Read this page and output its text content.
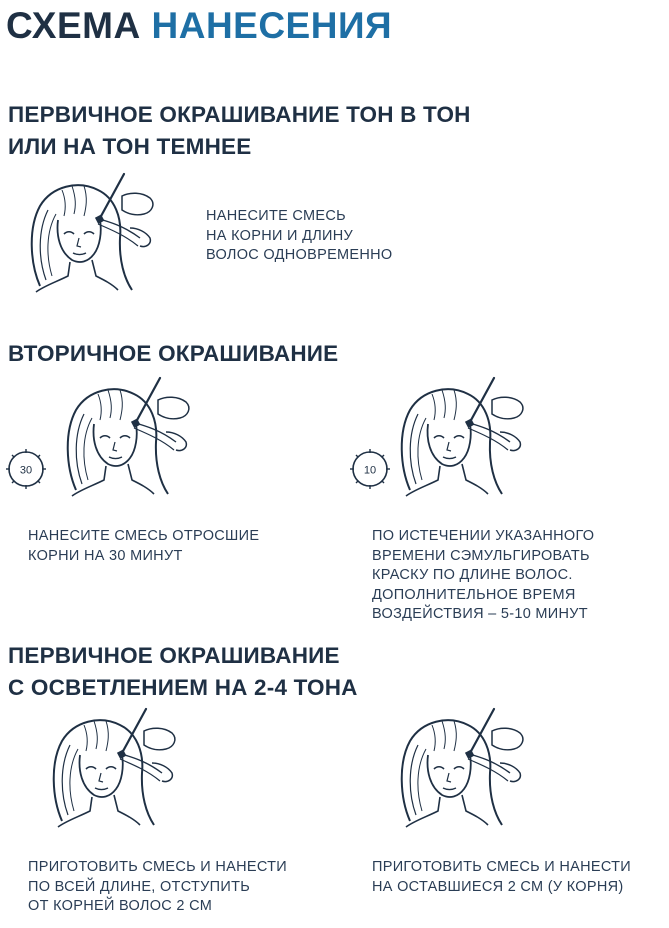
СХЕМА НАНЕСЕНИЯ
ПЕРВИЧНОЕ ОКРАШИВАНИЕ ТОН В ТОН
ИЛИ НА ТОН ТЕМНЕЕ
НАНЕСИТЕ СМЕСЬ
НА КОРНИ И ДЛИНУ
ВОЛОС ОДНОВРЕМЕННО
ВТОРИЧНОЕ ОКРАШИВАНИЕ
30
НАНЕСИТЕ СМЕСЬ ОТРОСШИЕ
КОРНИ НА 30 МИНУТ
10
ПО ИСТЕЧЕНИИ УКАЗАННОГО
ВРЕМЕНИ СЭМУЛЬГИРОВАТЬ
КРАСКУ ПО ДЛИНЕ ВОЛОС.
ДОПОЛНИТЕЛЬНОЕ ВРЕМЯ
ВОЗДЕЙСТВИЯ – 5-10 МИНУТ
ПЕРВИЧНОЕ ОКРАШИВАНИЕ
С ОСВЕТЛЕНИЕМ НА 2-4 ТОНА
ПРИГОТОВИТЬ СМЕСЬ И НАНЕСТИ
ПО ВСЕЙ ДЛИНЕ, ОТСТУПИТЬ
ОТ КОРНЕЙ ВОЛОС 2 СМ
ПРИГОТОВИТЬ СМЕСЬ И НАНЕСТИ
НА ОСТАВШИЕСЯ 2 СМ (У КОРНЯ)
